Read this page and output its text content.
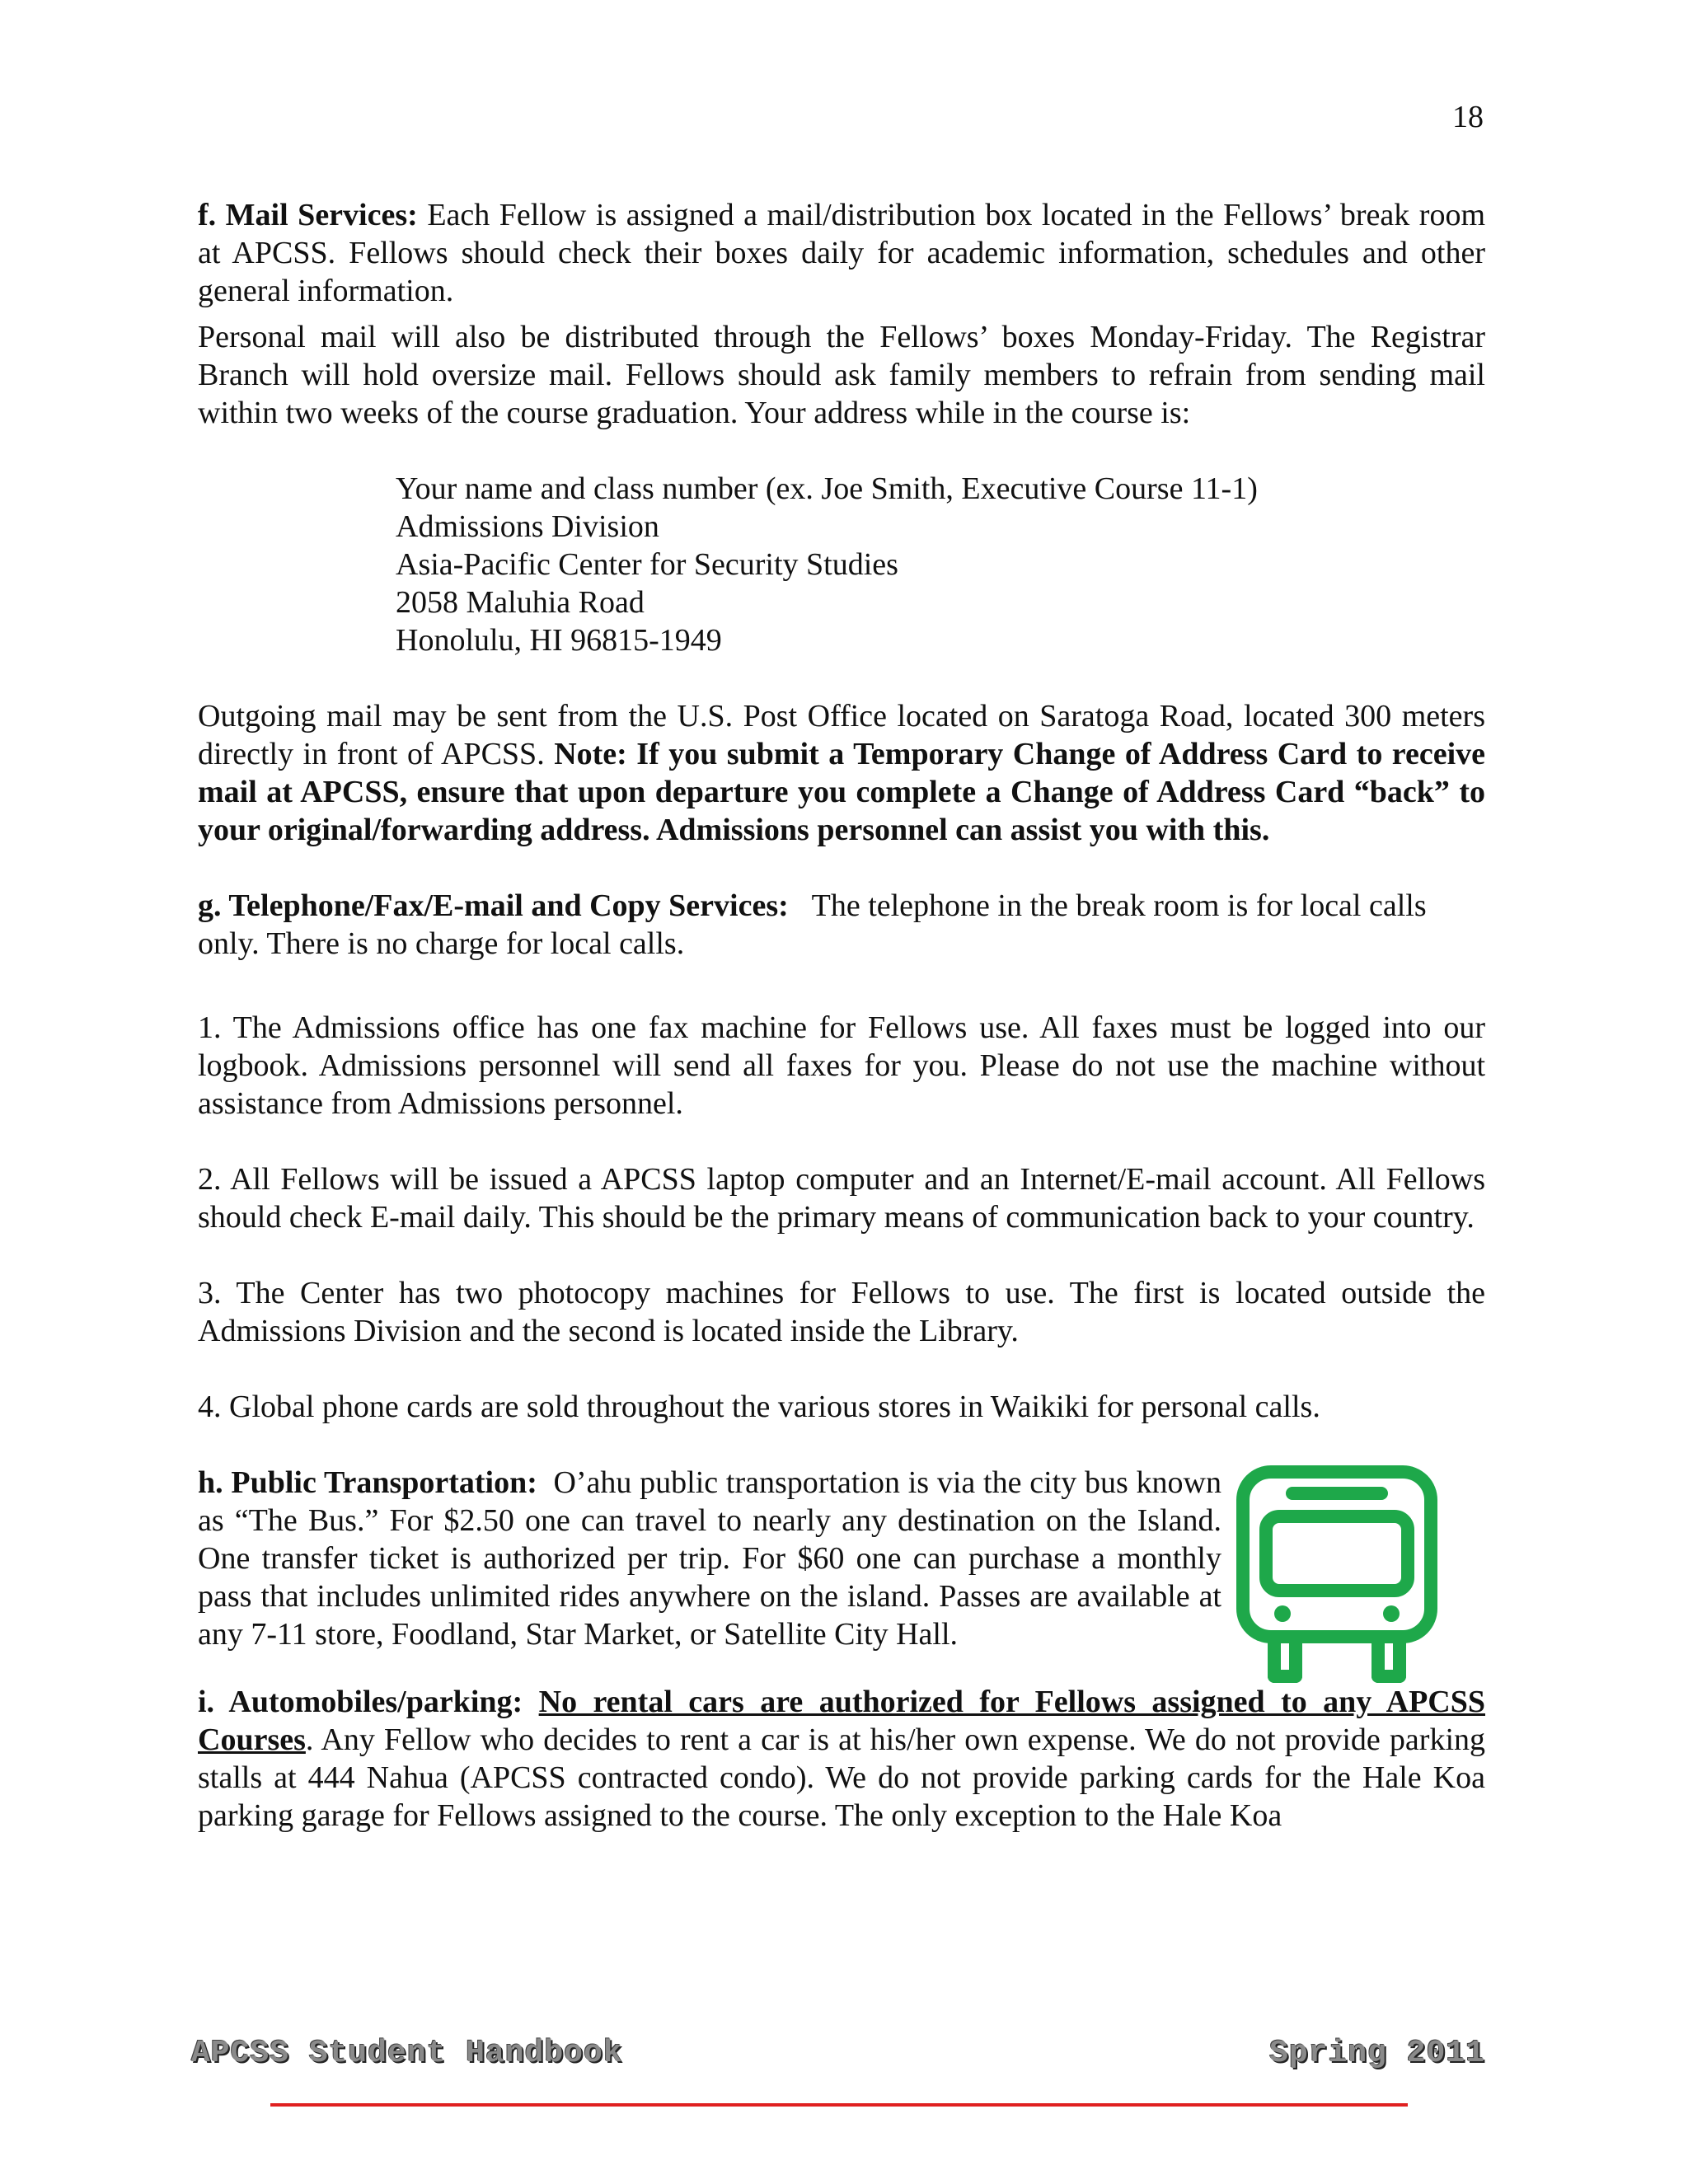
18

f. Mail Services: Each Fellow is assigned a mail/distribution box located in the Fellows’ break room at APCSS. Fellows should check their boxes daily for academic information, schedules and other general information.

Personal mail will also be distributed through the Fellows’ boxes Monday-Friday. The Registrar Branch will hold oversize mail. Fellows should ask family members to refrain from sending mail within two weeks of the course graduation. Your address while in the course is:

Your name and class number (ex. Joe Smith, Executive Course 11-1)
Admissions Division
Asia-Pacific Center for Security Studies
2058 Maluhia Road
Honolulu, HI 96815-1949

Outgoing mail may be sent from the U.S. Post Office located on Saratoga Road, located 300 meters directly in front of APCSS. Note: If you submit a Temporary Change of Address Card to receive mail at APCSS, ensure that upon departure you complete a Change of Address Card “back” to your original/forwarding address. Admissions personnel can assist you with this.

g. Telephone/Fax/E-mail and Copy Services: The telephone in the break room is for local calls only. There is no charge for local calls.

1. The Admissions office has one fax machine for Fellows use. All faxes must be logged into our logbook. Admissions personnel will send all faxes for you. Please do not use the machine without assistance from Admissions personnel.

2. All Fellows will be issued a APCSS laptop computer and an Internet/E-mail account. All Fellows should check E-mail daily. This should be the primary means of communication back to your country.

3. The Center has two photocopy machines for Fellows to use. The first is located outside the Admissions Division and the second is located inside the Library.

4. Global phone cards are sold throughout the various stores in Waikiki for personal calls.

h. Public Transportation: O’ahu public transportation is via the city bus known as “The Bus.” For $2.50 one can travel to nearly any destination on the Island. One transfer ticket is authorized per trip. For $60 one can purchase a monthly pass that includes unlimited rides anywhere on the island. Passes are available at any 7-11 store, Foodland, Star Market, or Satellite City Hall.

i. Automobiles/parking: No rental cars are authorized for Fellows assigned to any APCSS Courses. Any Fellow who decides to rent a car is at his/her own expense. We do not provide parking stalls at 444 Nahua (APCSS contracted condo). We do not provide parking cards for the Hale Koa parking garage for Fellows assigned to the course. The only exception to the Hale Koa

APCSS Student Handbook	Spring 2011
